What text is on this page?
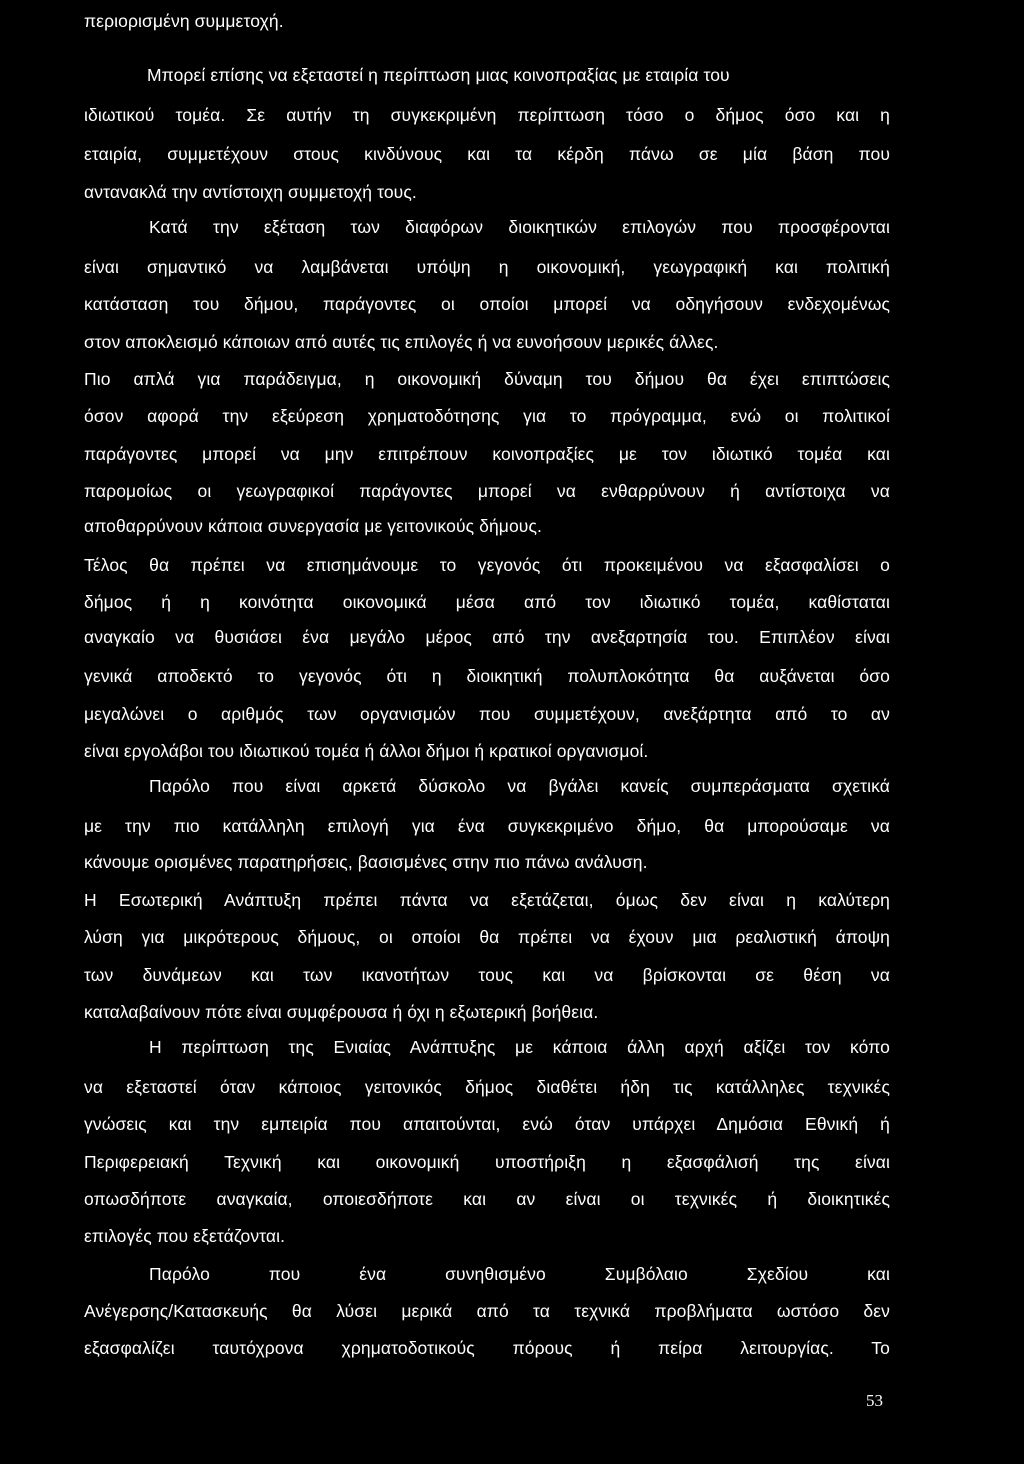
περιορισμένη συμμετοχή.
Μπορεί επίσης να εξεταστεί η περίπτωση μιας κοινοπραξίας με εταιρία του
ιδιωτικού τομέα. Σε αυτήν τη συγκεκριμένη περίπτωση τόσο ο δήμος όσο και η
εταιρία, συμμετέχουν στους κινδύνους και τα κέρδη πάνω σε μία βάση που
αντανακλά την αντίστοιχη συμμετοχή τους.
Κατά την εξέταση των διαφόρων διοικητικών επιλογών που προσφέρονται
είναι σημαντικό να λαμβάνεται υπόψη η οικονομική, γεωγραφική και πολιτική
κατάσταση του δήμου, παράγοντες οι οποίοι μπορεί να οδηγήσουν ενδεχομένως
στον αποκλεισμό κάποιων από αυτές τις επιλογές ή να ευνοήσουν μερικές άλλες.
Πιο απλά για παράδειγμα, η οικονομική δύναμη του δήμου θα έχει επιπτώσεις
όσον αφορά την εξεύρεση χρηματοδότησης για το πρόγραμμα, ενώ οι πολιτικοί
παράγοντες μπορεί να μην επιτρέπουν κοινοπραξίες με τον ιδιωτικό τομέα και
παρομοίως οι γεωγραφικοί παράγοντες μπορεί να ενθαρρύνουν ή αντίστοιχα να
αποθαρρύνουν κάποια συνεργασία με γειτονικούς δήμους.
Τέλος θα πρέπει να επισημάνουμε το γεγονός ότι προκειμένου να εξασφαλίσει ο
δήμος ή η κοινότητα οικονομικά μέσα από τον ιδιωτικό τομέα, καθίσταται
αναγκαίο να θυσιάσει ένα μεγάλο μέρος από την ανεξαρτησία του. Επιπλέον είναι
γενικά αποδεκτό το γεγονός ότι η διοικητική πολυπλοκότητα θα αυξάνεται όσο
μεγαλώνει ο αριθμός των οργανισμών που συμμετέχουν, ανεξάρτητα από το αν
είναι εργολάβοι του ιδιωτικού τομέα ή άλλοι δήμοι ή κρατικοί οργανισμοί.
Παρόλο που είναι αρκετά δύσκολο να βγάλει κανείς συμπεράσματα σχετικά
με την πιο κατάλληλη επιλογή για ένα συγκεκριμένο δήμο, θα μπορούσαμε να
κάνουμε ορισμένες παρατηρήσεις, βασισμένες στην πιο πάνω ανάλυση.
Η Εσωτερική Ανάπτυξη πρέπει πάντα να εξετάζεται, όμως δεν είναι η καλύτερη
λύση για μικρότερους δήμους, οι οποίοι θα πρέπει να έχουν μια ρεαλιστική άποψη
των δυνάμεων και των ικανοτήτων τους και να βρίσκονται σε θέση να
καταλαβαίνουν πότε είναι συμφέρουσα ή όχι η εξωτερική βοήθεια.
Η περίπτωση της Ενιαίας Ανάπτυξης με κάποια άλλη αρχή αξίζει τον κόπο
να εξεταστεί όταν κάποιος γειτονικός δήμος διαθέτει ήδη τις κατάλληλες τεχνικές
γνώσεις και την εμπειρία που απαιτούνται, ενώ όταν υπάρχει Δημόσια Εθνική ή
Περιφερειακή Τεχνική και οικονομική υποστήριξη η εξασφάλισή της είναι
οπωσδήποτε αναγκαία, οποιεσδήποτε και αν είναι οι τεχνικές ή διοικητικές
επιλογές που εξετάζονται.
Παρόλο που ένα συνηθισμένο Συμβόλαιο Σχεδίου και
Ανέγερσης/Κατασκευής θα λύσει μερικά από τα τεχνικά προβλήματα ωστόσο δεν
εξασφαλίζει ταυτόχρονα χρηματοδοτικούς πόρους ή πείρα λειτουργίας. Το
53
